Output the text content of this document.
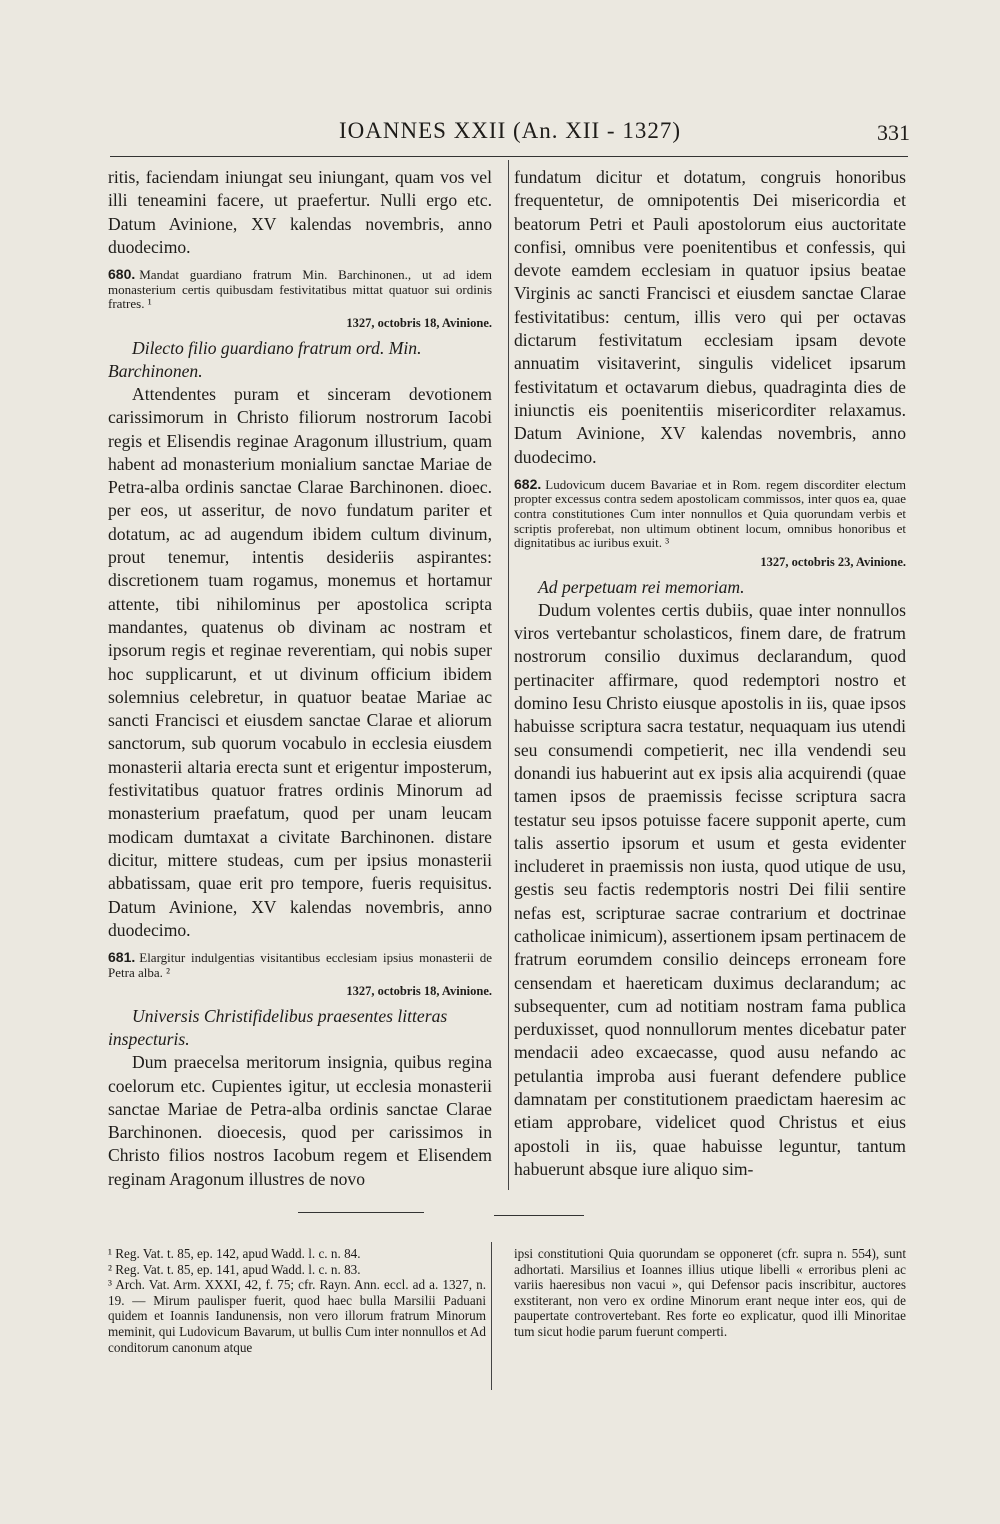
IOANNES XXII (An. XII - 1327)	331

ritis, faciendam iniungat seu iniungant, quam vos vel illi teneamini facere, ut praefertur. Nulli ergo etc. Datum Avinione, XV kalendas novembris, anno duodecimo.

680. Mandat guardiano fratrum Min. Barchinonen., ut ad idem monasterium certis quibusdam festivitatibus mittat quatuor sui ordinis fratres. ¹
1327, octobris 18, Avinione.

Dilecto filio guardiano fratrum ord. Min. Barchinonen.

Attendentes puram et sinceram devotionem carissimorum in Christo filiorum nostrorum Iacobi regis et Elisendis reginae Aragonum illustrium, quam habent ad monasterium monialium sanctae Mariae de Petra-alba ordinis sanctae Clarae Barchinonen. dioec. per eos, ut asseritur, de novo fundatum pariter et dotatum, ac ad augendum ibidem cultum divinum, prout tenemur, intentis desideriis aspirantes: discretionem tuam rogamus, monemus et hortamur attente, tibi nihilominus per apostolica scripta mandantes, quatenus ob divinam ac nostram et ipsorum regis et reginae reverentiam, qui nobis super hoc supplicarunt, et ut divinum officium ibidem solemnius celebretur, in quatuor beatae Mariae ac sancti Francisci et eiusdem sanctae Clarae et aliorum sanctorum, sub quorum vocabulo in ecclesia eiusdem monasterii altaria erecta sunt et erigentur imposterum, festivitatibus quatuor fratres ordinis Minorum ad monasterium praefatum, quod per unam leucam modicam dumtaxat a civitate Barchinonen. distare dicitur, mittere studeas, cum per ipsius monasterii abbatissam, quae erit pro tempore, fueris requisitus. Datum Avinione, XV kalendas novembris, anno duodecimo.

681. Elargitur indulgentias visitantibus ecclesiam ipsius monasterii de Petra alba. ²
1327, octobris 18, Avinione.

Universis Christifidelibus praesentes litteras inspecturis.

Dum praecelsa meritorum insignia, quibus regina coelorum etc. Cupientes igitur, ut ecclesia monasterii sanctae Mariae de Petra-alba ordinis sanctae Clarae Barchinonen. dioecesis, quod per carissimos in Christo filios nostros Iacobum regem et Elisendem reginam Aragonum illustres de novo

fundatum dicitur et dotatum, congruis honoribus frequentetur, de omnipotentis Dei misericordia et beatorum Petri et Pauli apostolorum eius auctoritate confisi, omnibus vere poenitentibus et confessis, qui devote eamdem ecclesiam in quatuor ipsius beatae Virginis ac sancti Francisci et eiusdem sanctae Clarae festivitatibus: centum, illis vero qui per octavas dictarum festivitatum ecclesiam ipsam devote annuatim visitaverint, singulis videlicet ipsarum festivitatum et octavarum diebus, quadraginta dies de iniunctis eis poenitentiis misericorditer relaxamus. Datum Avinione, XV kalendas novembris, anno duodecimo.

682. Ludovicum ducem Bavariae et in Rom. regem discorditer electum propter excessus contra sedem apostolicam commissos, inter quos ea, quae contra constitutiones Cum inter nonnullos et Quia quorundam verbis et scriptis proferebat, non ultimum obtinent locum, omnibus honoribus et dignitatibus ac iuribus exuit. ³
1327, octobris 23, Avinione.

Ad perpetuam rei memoriam.

Dudum volentes certis dubiis, quae inter nonnullos viros vertebantur scholasticos, finem dare, de fratrum nostrorum consilio duximus declarandum, quod pertinaciter affirmare, quod redemptori nostro et domino Iesu Christo eiusque apostolis in iis, quae ipsos habuisse scriptura sacra testatur, nequaquam ius utendi seu consumendi competierit, nec illa vendendi seu donandi ius habuerint aut ex ipsis alia acquirendi (quae tamen ipsos de praemissis fecisse scriptura sacra testatur seu ipsos potuisse facere supponit aperte, cum talis assertio ipsorum et usum et gesta evidenter includeret in praemissis non iusta, quod utique de usu, gestis seu factis redemptoris nostri Dei filii sentire nefas est, scripturae sacrae contrarium et doctrinae catholicae inimicum), assertionem ipsam pertinacem de fratrum eorumdem consilio deinceps erroneam fore censendam et haereticam duximus declarandum; ac subsequenter, cum ad notitiam nostram fama publica perduxisset, quod nonnullorum mentes dicebatur pater mendacii adeo excaecasse, quod ausu nefando ac petulantia improba ausi fuerant defendere publice damnatam per constitutionem praedictam haeresim ac etiam approbare, videlicet quod Christus et eius apostoli in iis, quae habuisse leguntur, tantum habuerunt absque iure aliquo sim-

¹ Reg. Vat. t. 85, ep. 142, apud Wadd. l. c. n. 84.

² Reg. Vat. t. 85, ep. 141, apud Wadd. l. c. n. 83.

³ Arch. Vat. Arm. XXXI, 42, f. 75; cfr. Rayn. Ann. eccl. ad a. 1327, n. 19. — Mirum paulisper fuerit, quod haec bulla Marsilii Paduani quidem et Ioannis Iandunensis, non vero illorum fratrum Minorum meminit, qui Ludovicum Bavarum, ut bullis Cum inter nonnullos et Ad conditorum canonum atque

ipsi constitutioni Quia quorundam se opponeret (cfr. supra n. 554), sunt adhortati. Marsilius et Ioannes illius utique libelli « erroribus pleni ac variis haeresibus non vacui », qui Defensor pacis inscribitur, auctores exstiterant, non vero ex ordine Minorum erant neque inter eos, qui de paupertate controvertebant. Res forte eo explicatur, quod illi Minoritae tum sicut hodie parum fuerunt comperti.
